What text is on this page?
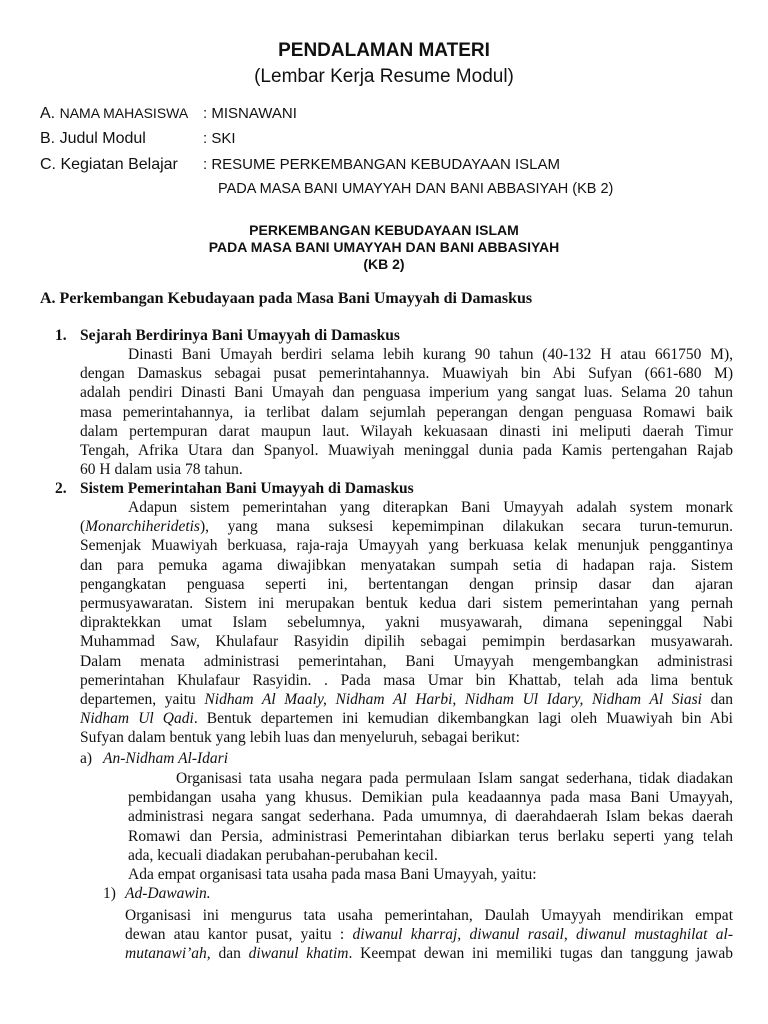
PENDALAMAN MATERI
(Lembar Kerja Resume Modul)
A. NAMA MAHASISWA : MISNAWANI
B. Judul Modul	: SKI
C. Kegiatan Belajar : RESUME PERKEMBANGAN KEBUDAYAAN ISLAM
PADA MASA BANI UMAYYAH DAN BANI ABBASIYAH (KB 2)
PERKEMBANGAN KEBUDAYAAN ISLAM
PADA MASA BANI UMAYYAH DAN BANI ABBASIYAH
(KB 2)
A. Perkembangan Kebudayaan pada Masa Bani Umayyah di Damaskus
1. Sejarah Berdirinya Bani Umayyah di Damaskus
Dinasti Bani Umayah berdiri selama lebih kurang 90 tahun (40-132 H atau 661750 M),
dengan Damaskus sebagai pusat pemerintahannya. Muawiyah bin Abi Sufyan (661-680 M)
adalah pendiri Dinasti Bani Umayah dan penguasa imperium yang sangat luas. Selama 20 tahun
masa pemerintahannya, ia terlibat dalam sejumlah peperangan dengan penguasa Romawi baik
dalam pertempuran darat maupun laut. Wilayah kekuasaan dinasti ini meliputi daerah Timur
Tengah, Afrika Utara dan Spanyol. Muawiyah meninggal dunia pada Kamis pertengahan Rajab
60 H dalam usia 78 tahun.
2. Sistem Pemerintahan Bani Umayyah di Damaskus
Adapun sistem pemerintahan yang diterapkan Bani Umayyah adalah system monark
(Monarchiheridetis), yang mana suksesi kepemimpinan dilakukan secara turun-temurun.
Semenjak Muawiyah berkuasa, raja-raja Umayyah yang berkuasa kelak menunjuk penggantinya
dan para pemuka agama diwajibkan menyatakan sumpah setia di hadapan raja. Sistem
pengangkatan penguasa seperti ini, bertentangan dengan prinsip dasar dan ajaran
permusyawaratan. Sistem ini merupakan bentuk kedua dari sistem pemerintahan yang pernah
dipraktekkan umat Islam sebelumnya, yakni musyawarah, dimana sepeninggal Nabi
Muhammad Saw, Khulafaur Rasyidin dipilih sebagai pemimpin berdasarkan musyawarah.
Dalam menata administrasi pemerintahan, Bani Umayyah mengembangkan administrasi
pemerintahan Khulafaur Rasyidin. . Pada masa Umar bin Khattab, telah ada lima bentuk
departemen, yaitu Nidham Al Maaly, Nidham Al Harbi, Nidham Ul Idary, Nidham Al Siasi dan
Nidham Ul Qadi. Bentuk departemen ini kemudian dikembangkan lagi oleh Muawiyah bin Abi
Sufyan dalam bentuk yang lebih luas dan menyeluruh, sebagai berikut:
a) An-Nidham Al-Idari
Organisasi tata usaha negara pada permulaan Islam sangat sederhana, tidak diadakan
pembidangan usaha yang khusus. Demikian pula keadaannya pada masa Bani Umayyah,
administrasi negara sangat sederhana. Pada umumnya, di daerahdaerah Islam bekas daerah
Romawi dan Persia, administrasi Pemerintahan dibiarkan terus berlaku seperti yang telah
ada, kecuali diadakan perubahan-perubahan kecil.
Ada empat organisasi tata usaha pada masa Bani Umayyah, yaitu:
1) Ad-Dawawin.
Organisasi ini mengurus tata usaha pemerintahan, Daulah Umayyah mendirikan empat
dewan atau kantor pusat, yaitu : diwanul kharraj, diwanul rasail, diwanul mustaghilat al-
mutanawi’ah, dan diwanul khatim. Keempat dewan ini memiliki tugas dan tanggung jawab
